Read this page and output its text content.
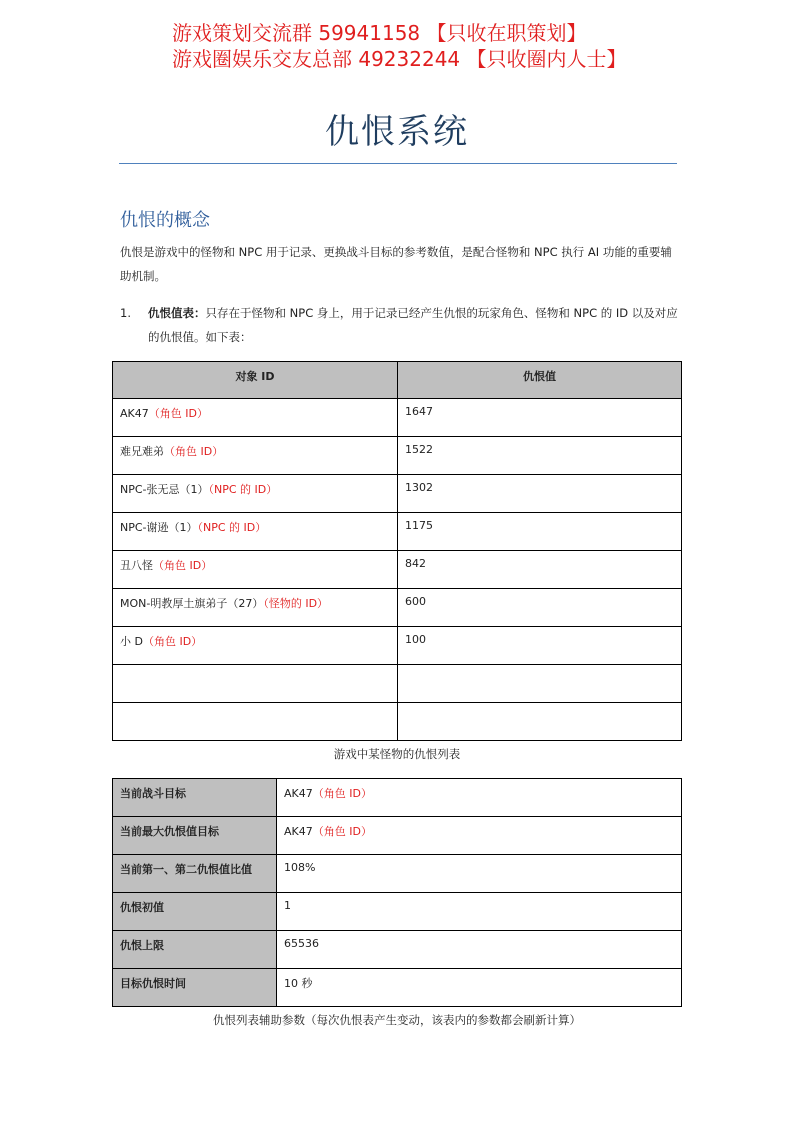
游戏策划交流群 59941158 【只收在职策划】
游戏圈娱乐交友总部 49232244 【只收圈内人士】
仇恨系统
仇恨的概念
仇恨是游戏中的怪物和 NPC 用于记录、更换战斗目标的参考数值，是配合怪物和 NPC 执行 AI 功能的重要辅助机制。
1. 仇恨值表：只存在于怪物和 NPC 身上，用于记录已经产生仇恨的玩家角色、怪物和 NPC 的 ID 以及对应的仇恨值。如下表：
对象 ID	仇恨值
AK47（角色 ID）	1647
难兄难弟（角色 ID）	1522
NPC-张无忌（1）（NPC 的 ID）	1302
NPC-谢逊（1）（NPC 的 ID）	1175
丑八怪（角色 ID）	842
MON-明教厚土旗弟子（27）（怪物的 ID）	600
小 D（角色 ID）	100

游戏中某怪物的仇恨列表
当前战斗目标	AK47（角色 ID）
当前最大仇恨值目标	AK47（角色 ID）
当前第一、第二仇恨值比值	108%
仇恨初值	1
仇恨上限	65536
目标仇恨时间	10 秒
仇恨列表辅助参数（每次仇恨表产生变动，该表内的参数都会刷新计算）
